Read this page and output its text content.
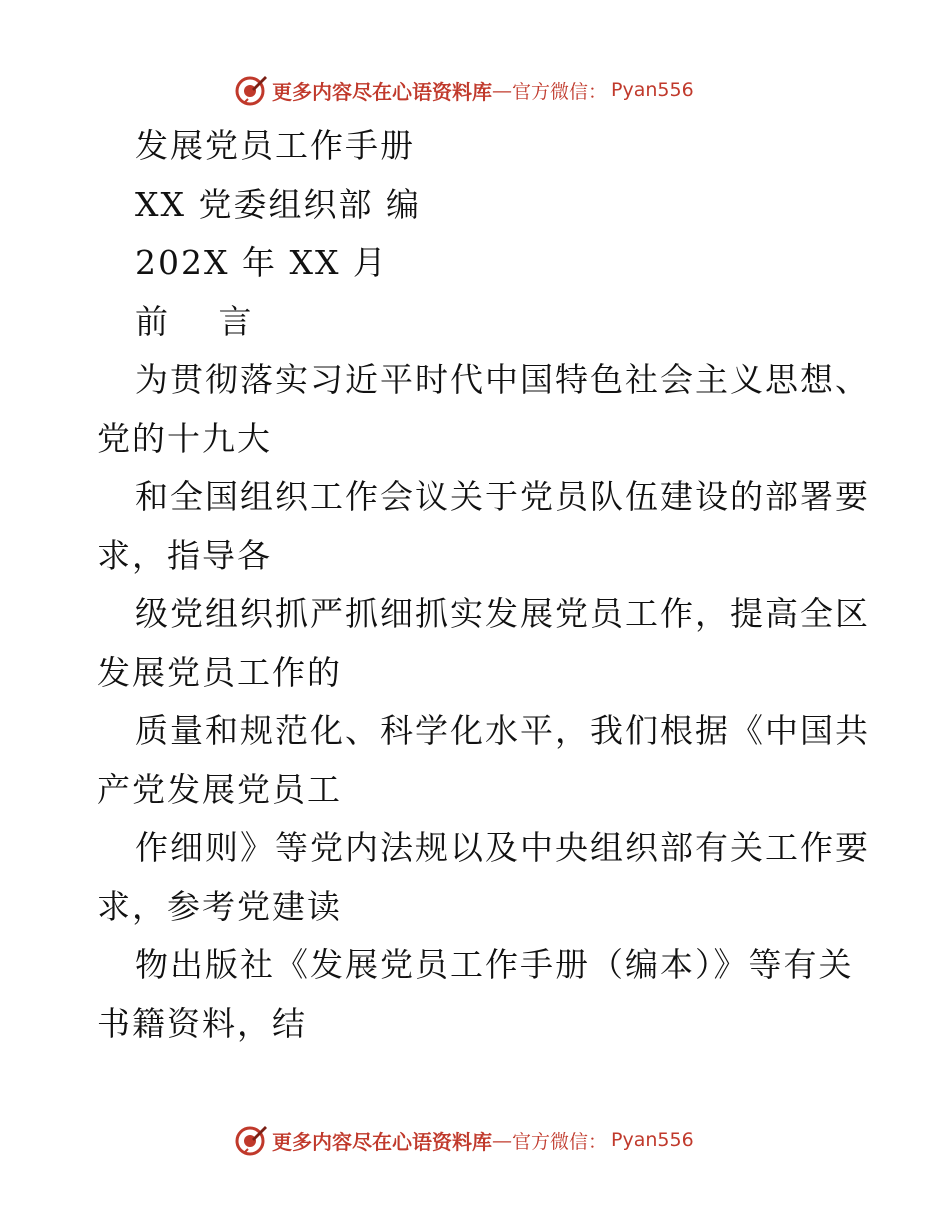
更多内容尽在心语资料库 — 官方微信： Pyan556
发展党员工作手册
XX 党委组织部 编
202X 年 XX 月
前 言
为贯彻落实习近平时代中国特色社会主义思想、
党的十九大
和全国组织工作会议关于党员队伍建设的部署要
求，指导各
级党组织抓严抓细抓实发展党员工作，提高全区
发展党员工作的
质量和规范化、科学化水平，我们根据《中国共
产党发展党员工
作细则》等党内法规以及中央组织部有关工作要
求，参考党建读
物出版社《发展党员工作手册（编本）》等有关
书籍资料，结
更多内容尽在心语资料库 — 官方微信： Pyan556
